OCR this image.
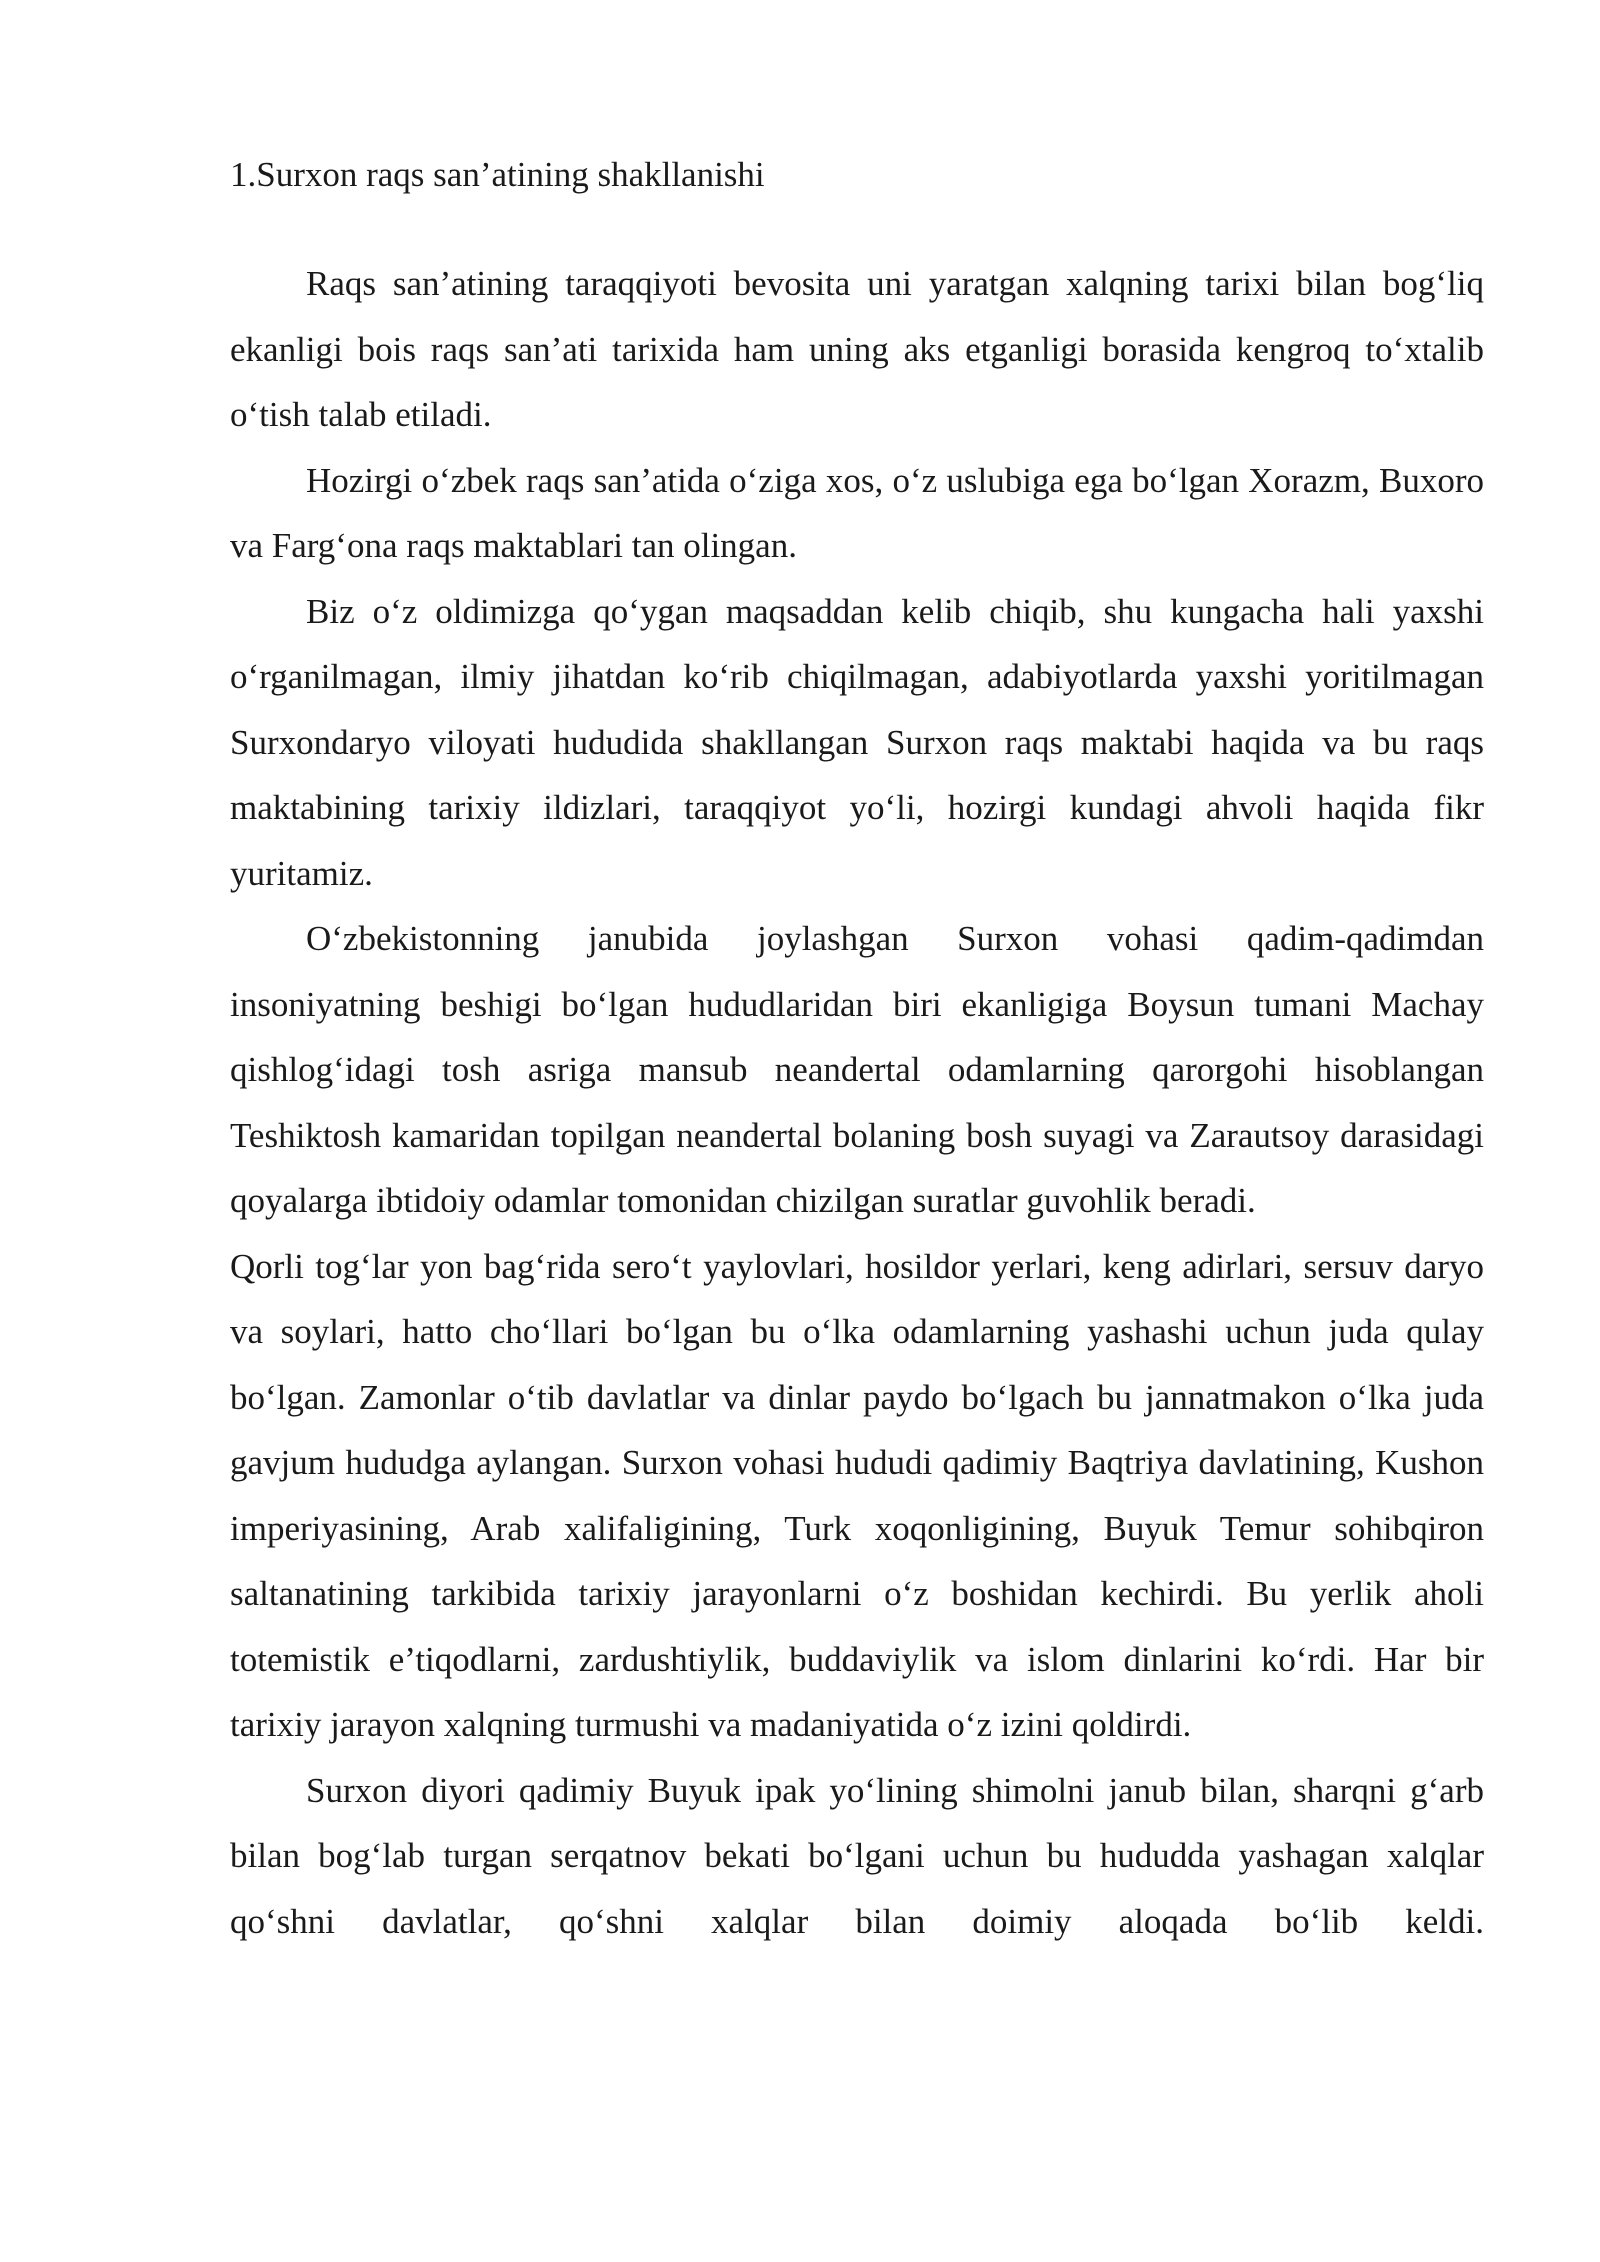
1.Surxon raqs san’atining shakllanishi

Raqs san’atining taraqqiyoti bevosita uni yaratgan xalqning tarixi bilan bog‘liq ekanligi bois raqs san’ati tarixida ham uning aks etganligi borasida kengroq to‘xtalib o‘tish talab etiladi.

Hozirgi o‘zbek raqs san’atida o‘ziga xos, o‘z uslubiga ega bo‘lgan Xorazm, Buxoro va Farg‘ona raqs maktablari tan olingan.

Biz o‘z oldimizga qo‘ygan maqsaddan kelib chiqib, shu kungacha hali yaxshi o‘rganilmagan, ilmiy jihatdan ko‘rib chiqilmagan, adabiyotlarda yaxshi yoritilmagan Surxondaryo viloyati hududida shakllangan Surxon raqs maktabi haqida va bu raqs maktabining tarixiy ildizlari, taraqqiyot yo‘li, hozirgi kundagi ahvoli haqida fikr yuritamiz.

O‘zbekistonning janubida joylashgan Surxon vohasi qadim-qadimdan insoniyatning beshigi bo‘lgan hududlaridan biri ekanligiga Boysun tumani Machay qishlog‘idagi tosh asriga mansub neandertal odamlarning qarorgohi hisoblangan Teshiktosh kamaridan topilgan neandertal bolaning bosh suyagi va Zarautsoy darasidagi qoyalarga ibtidoiy odamlar tomonidan chizilgan suratlar guvohlik beradi.

Qorli tog‘lar yon bag‘rida sero‘t yaylovlari, hosildor yerlari, keng adirlari, sersuv daryo va soylari, hatto cho‘llari bo‘lgan bu o‘lka odamlarning yashashi uchun juda qulay bo‘lgan. Zamonlar o‘tib davlatlar va dinlar paydo bo‘lgach bu jannatmakon o‘lka juda gavjum hududga aylangan. Surxon vohasi hududi qadimiy Baqtriya davlatining, Kushon imperiyasining, Arab xalifaligining, Turk xoqonligining, Buyuk Temur sohibqiron saltanatining tarkibida tarixiy jarayonlarni o‘z boshidan kechirdi. Bu yerlik aholi totemistik e’tiqodlarni, zardushtiylik, buddaviylik va islom dinlarini ko‘rdi. Har bir tarixiy jarayon xalqning turmushi va madaniyatida o‘z izini qoldirdi.

Surxon diyori qadimiy Buyuk ipak yo‘lining shimolni janub bilan, sharqni g‘arb bilan bog‘lab turgan serqatnov bekati bo‘lgani uchun bu hududda yashagan xalqlar qo‘shni davlatlar, qo‘shni xalqlar bilan doimiy aloqada bo‘lib keldi.
